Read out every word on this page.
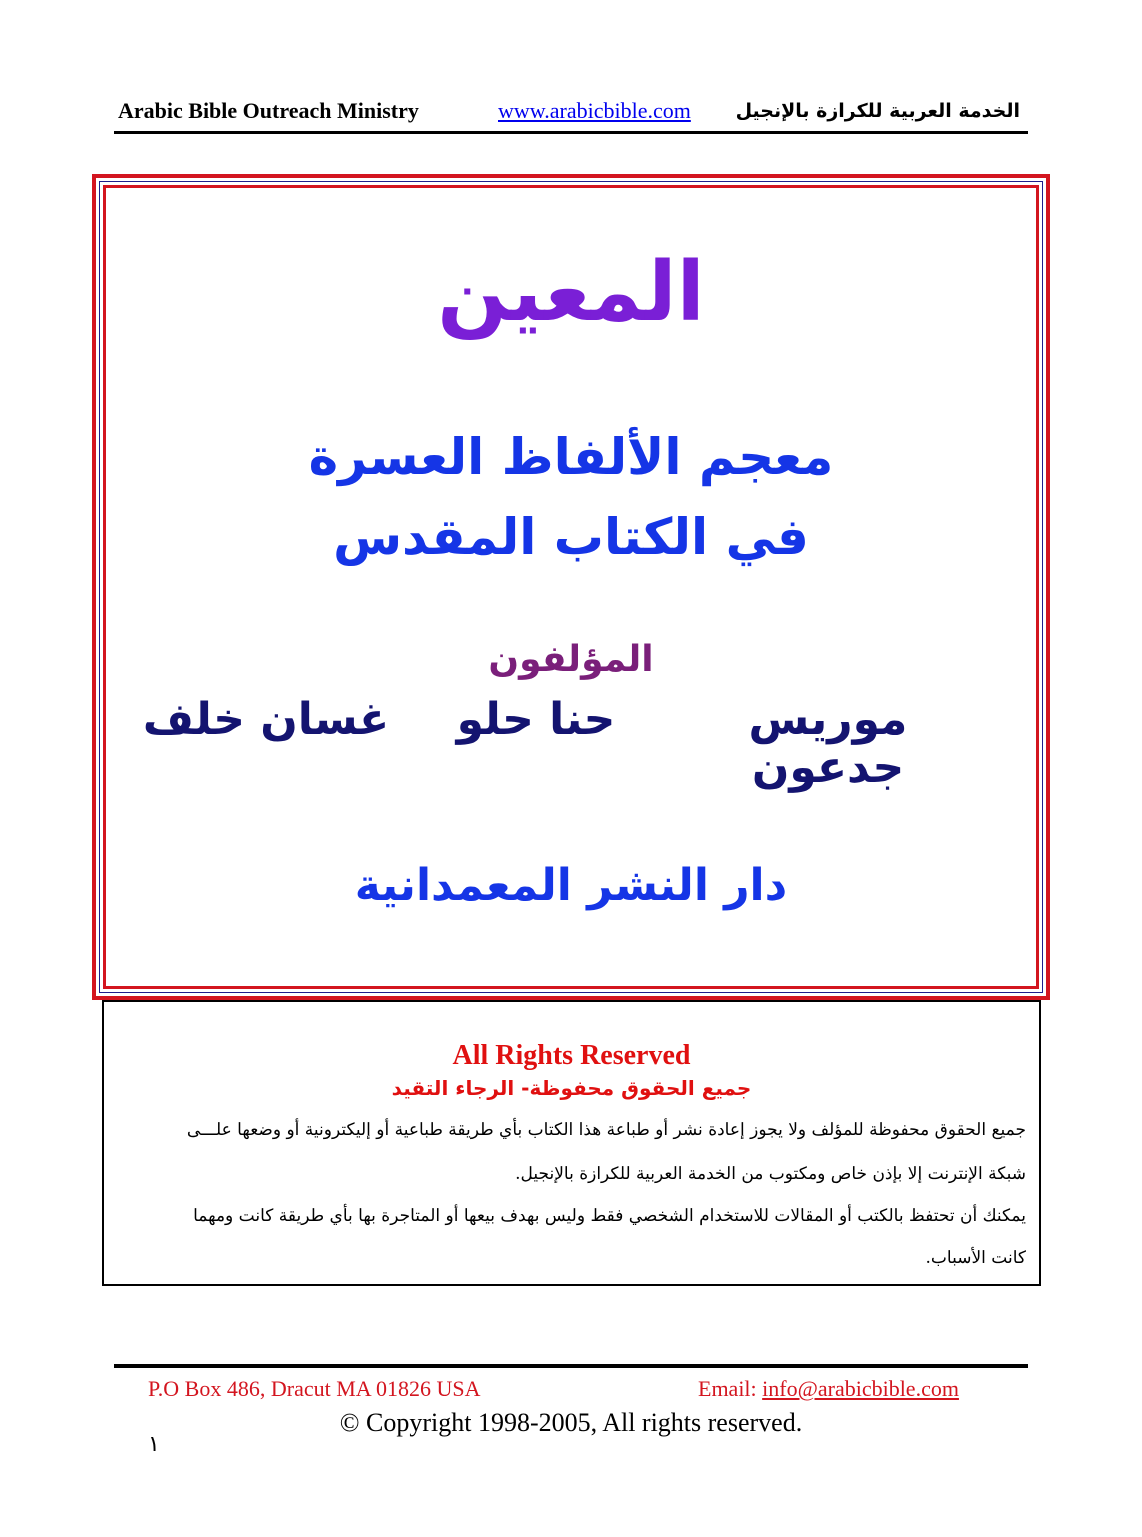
Arabic Bible Outreach Ministry	www.arabicbible.com الخدمة العربية للكرازة بالإنجيل
المعين
معجم الألفاظ العسرة
في الكتاب المقدس
المؤلفون
موريس جدعون
حنا حلو
غسان خلف
دار النشر المعمدانية
All Rights Reserved
جميع الحقوق محفوظة- الرجاء التقيد
جميع الحقوق محفوظة للمؤلف ولا يجوز إعادة نشر أو طباعة هذا الكتاب بأي طريقة طباعية أو إليكترونية أو وضعها علـــى
شبكة الإنترنت إلا بإذن خاص ومكتوب من الخدمة العربية للكرازة بالإنجيل.
يمكنك أن تحتفظ بالكتب أو المقالات للاستخدام الشخصي فقط وليس بهدف بيعها أو المتاجرة بها بأي طريقة كانت ومهما
كانت الأسباب.
P.O Box 486, Dracut MA 01826 USA	Email: info@arabicbible.com
© Copyright 1998-2005, All rights reserved.
١
